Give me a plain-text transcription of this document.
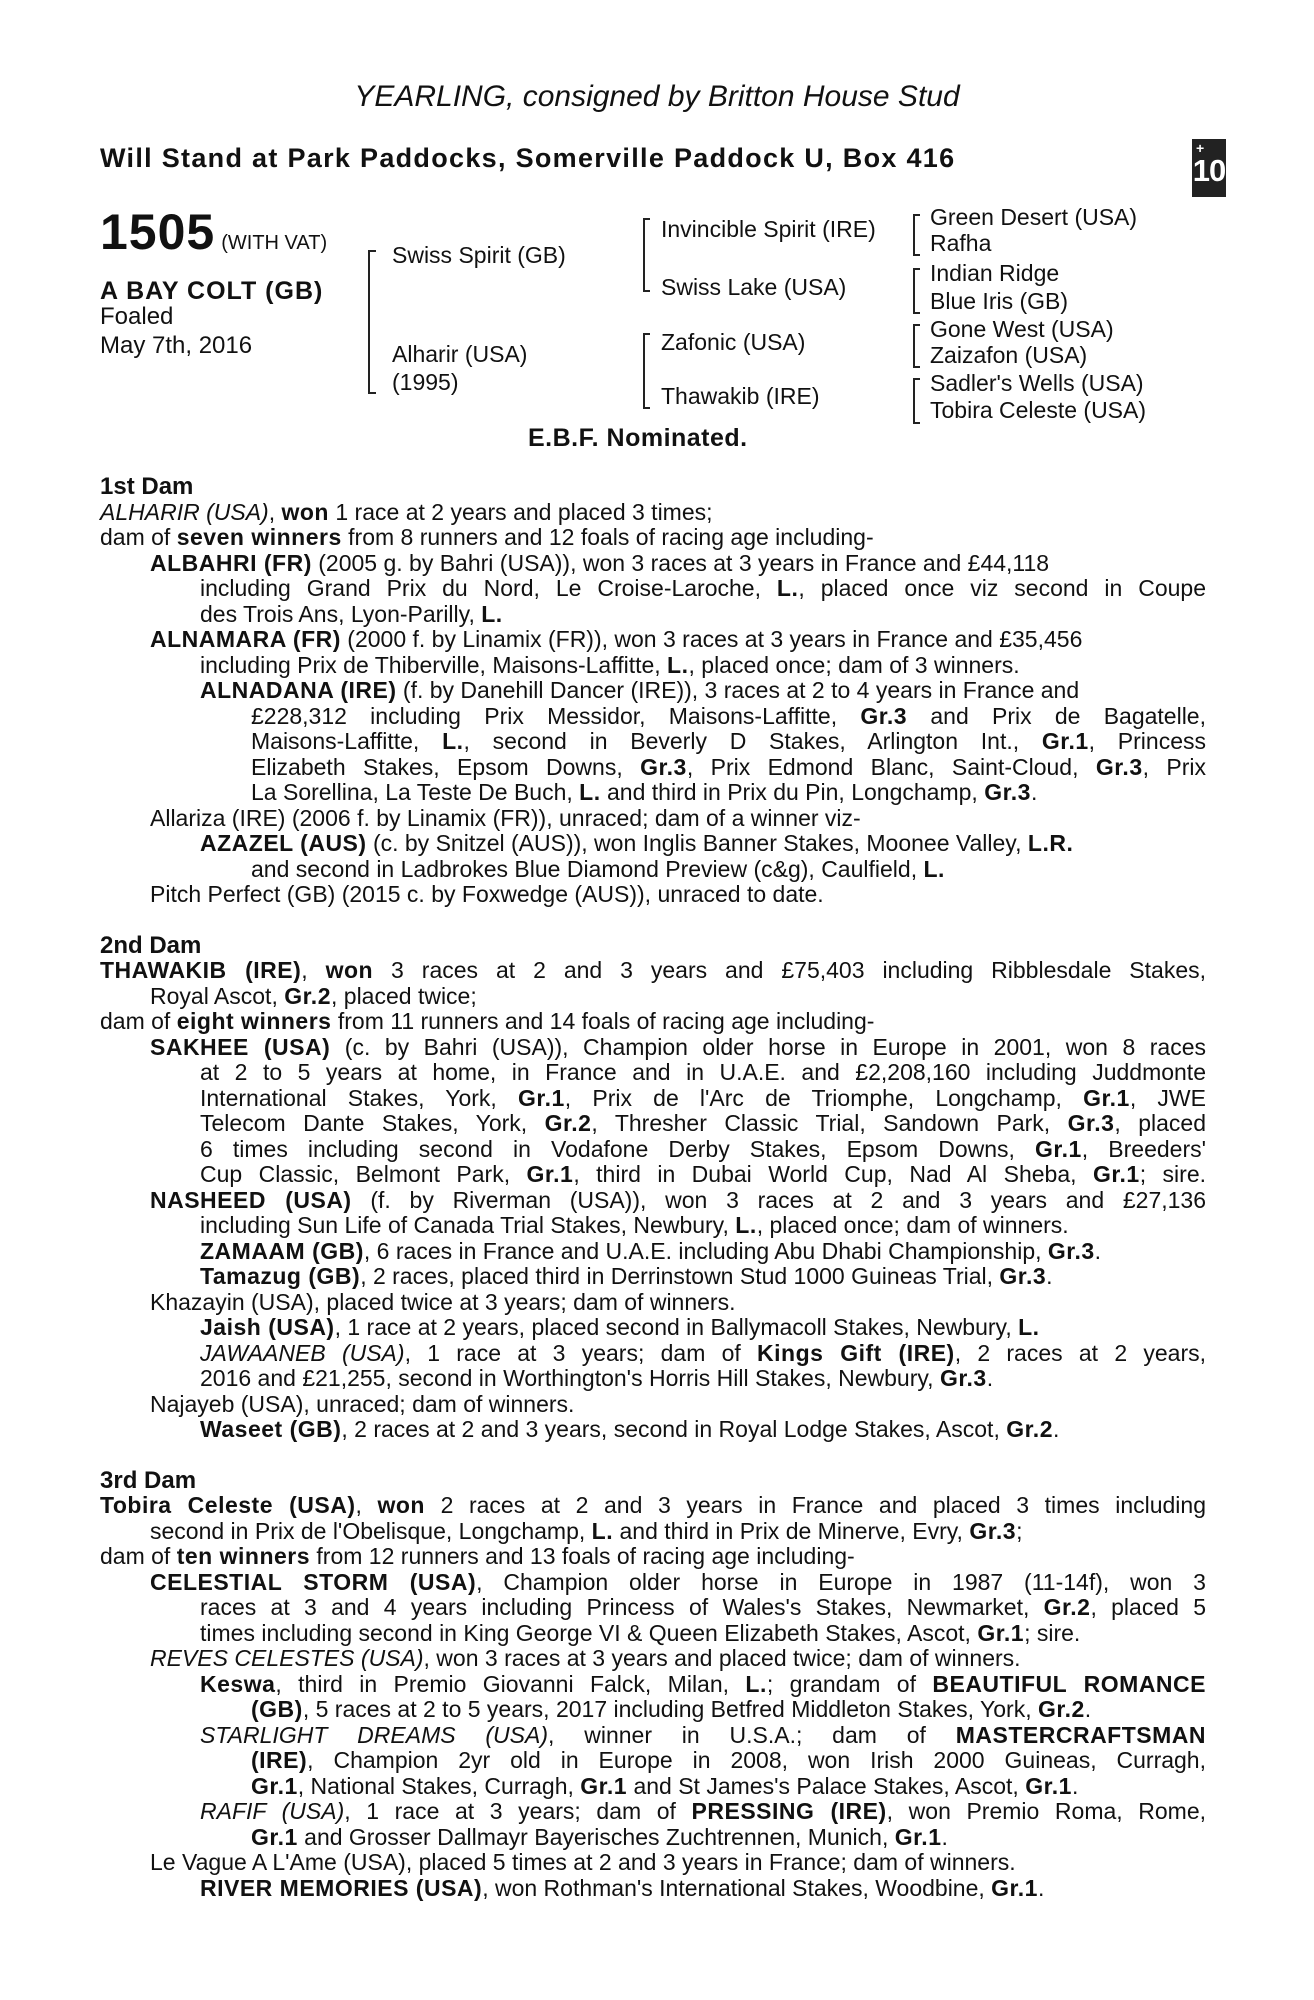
YEARLING, consigned by Britton House Stud
Will Stand at Park Paddocks, Somerville Paddock U, Box 416	+
10
1505 (WITH VAT)
A BAY COLT (GB)
Foaled
May 7th, 2016
Swiss Spirit (GB)
Alharir (USA)
(1995)
Invincible Spirit (IRE)
Swiss Lake (USA)
Zafonic (USA)
Thawakib (IRE)
Green Desert (USA)
Rafha
Indian Ridge
Blue Iris (GB)
Gone West (USA)
Zaizafon (USA)
Sadler's Wells (USA)
Tobira Celeste (USA)
E.B.F. Nominated.
1st Dam
ALHARIR (USA), won 1 race at 2 years and placed 3 times;
dam of seven winners from 8 runners and 12 foals of racing age including-
ALBAHRI (FR) (2005 g. by Bahri (USA)), won 3 races at 3 years in France and £44,118
including Grand Prix du Nord, Le Croise-Laroche, L., placed once viz second in Coupe
des Trois Ans, Lyon-Parilly, L.
ALNAMARA (FR) (2000 f. by Linamix (FR)), won 3 races at 3 years in France and £35,456
including Prix de Thiberville, Maisons-Laffitte, L., placed once; dam of 3 winners.
ALNADANA (IRE) (f. by Danehill Dancer (IRE)), 3 races at 2 to 4 years in France and
£228,312 including Prix Messidor, Maisons-Laffitte, Gr.3 and Prix de Bagatelle,
Maisons-Laffitte, L., second in Beverly D Stakes, Arlington Int., Gr.1, Princess
Elizabeth Stakes, Epsom Downs, Gr.3, Prix Edmond Blanc, Saint-Cloud, Gr.3, Prix
La Sorellina, La Teste De Buch, L. and third in Prix du Pin, Longchamp, Gr.3.
Allariza (IRE) (2006 f. by Linamix (FR)), unraced; dam of a winner viz-
AZAZEL (AUS) (c. by Snitzel (AUS)), won Inglis Banner Stakes, Moonee Valley, L.R.
and second in Ladbrokes Blue Diamond Preview (c&g), Caulfield, L.
Pitch Perfect (GB) (2015 c. by Foxwedge (AUS)), unraced to date.
2nd Dam
THAWAKIB (IRE), won 3 races at 2 and 3 years and £75,403 including Ribblesdale Stakes,
Royal Ascot, Gr.2, placed twice;
dam of eight winners from 11 runners and 14 foals of racing age including-
SAKHEE (USA) (c. by Bahri (USA)), Champion older horse in Europe in 2001, won 8 races
at 2 to 5 years at home, in France and in U.A.E. and £2,208,160 including Juddmonte
International Stakes, York, Gr.1, Prix de l'Arc de Triomphe, Longchamp, Gr.1, JWE
Telecom Dante Stakes, York, Gr.2, Thresher Classic Trial, Sandown Park, Gr.3, placed
6 times including second in Vodafone Derby Stakes, Epsom Downs, Gr.1, Breeders'
Cup Classic, Belmont Park, Gr.1, third in Dubai World Cup, Nad Al Sheba, Gr.1; sire.
NASHEED (USA) (f. by Riverman (USA)), won 3 races at 2 and 3 years and £27,136
including Sun Life of Canada Trial Stakes, Newbury, L., placed once; dam of winners.
ZAMAAM (GB), 6 races in France and U.A.E. including Abu Dhabi Championship, Gr.3.
Tamazug (GB), 2 races, placed third in Derrinstown Stud 1000 Guineas Trial, Gr.3.
Khazayin (USA), placed twice at 3 years; dam of winners.
Jaish (USA), 1 race at 2 years, placed second in Ballymacoll Stakes, Newbury, L.
JAWAANEB (USA), 1 race at 3 years; dam of Kings Gift (IRE), 2 races at 2 years,
2016 and £21,255, second in Worthington's Horris Hill Stakes, Newbury, Gr.3.
Najayeb (USA), unraced; dam of winners.
Waseet (GB), 2 races at 2 and 3 years, second in Royal Lodge Stakes, Ascot, Gr.2.
3rd Dam
Tobira Celeste (USA), won 2 races at 2 and 3 years in France and placed 3 times including
second in Prix de l'Obelisque, Longchamp, L. and third in Prix de Minerve, Evry, Gr.3;
dam of ten winners from 12 runners and 13 foals of racing age including-
CELESTIAL STORM (USA), Champion older horse in Europe in 1987 (11-14f), won 3
races at 3 and 4 years including Princess of Wales's Stakes, Newmarket, Gr.2, placed 5
times including second in King George VI & Queen Elizabeth Stakes, Ascot, Gr.1; sire.
REVES CELESTES (USA), won 3 races at 3 years and placed twice; dam of winners.
Keswa, third in Premio Giovanni Falck, Milan, L.; grandam of BEAUTIFUL ROMANCE
(GB), 5 races at 2 to 5 years, 2017 including Betfred Middleton Stakes, York, Gr.2.
STARLIGHT DREAMS (USA), winner in U.S.A.; dam of MASTERCRAFTSMAN
(IRE), Champion 2yr old in Europe in 2008, won Irish 2000 Guineas, Curragh,
Gr.1, National Stakes, Curragh, Gr.1 and St James's Palace Stakes, Ascot, Gr.1.
RAFIF (USA), 1 race at 3 years; dam of PRESSING (IRE), won Premio Roma, Rome,
Gr.1 and Grosser Dallmayr Bayerisches Zuchtrennen, Munich, Gr.1.
Le Vague A L'Ame (USA), placed 5 times at 2 and 3 years in France; dam of winners.
RIVER MEMORIES (USA), won Rothman's International Stakes, Woodbine, Gr.1.
